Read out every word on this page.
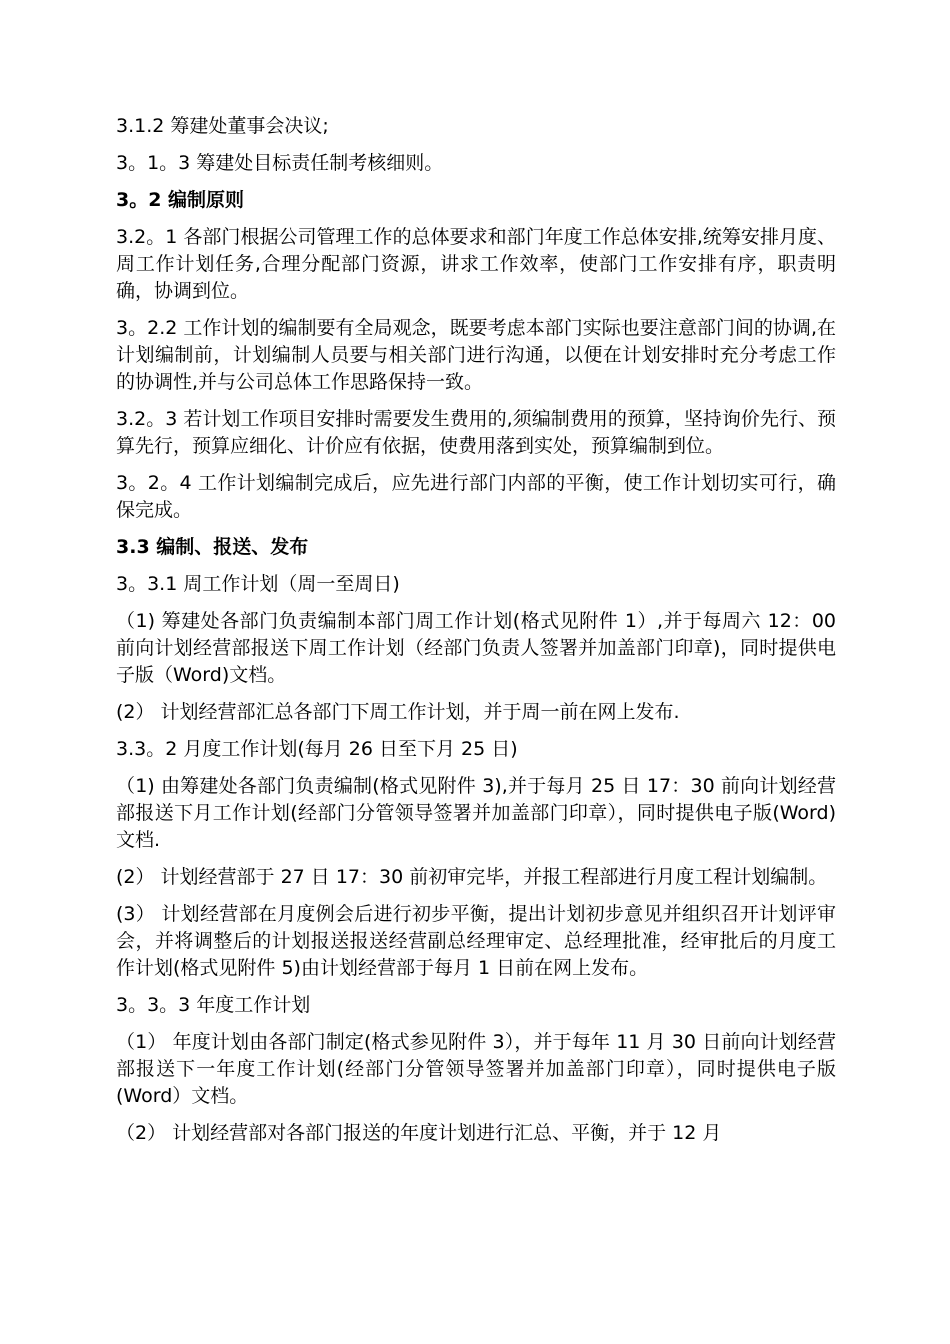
3.1.2 筹建处董事会决议;
3。1。3 筹建处目标责任制考核细则。
3。2 编制原则
3.2。1 各部门根据公司管理工作的总体要求和部门年度工作总体安排,统筹安排月度、周工作计划任务,合理分配部门资源，讲求工作效率，使部门工作安排有序，职责明确，协调到位。
3。2.2 工作计划的编制要有全局观念，既要考虑本部门实际也要注意部门间的协调,在计划编制前，计划编制人员要与相关部门进行沟通，以便在计划安排时充分考虑工作的协调性,并与公司总体工作思路保持一致。
3.2。3 若计划工作项目安排时需要发生费用的,须编制费用的预算，坚持询价先行、预算先行，预算应细化、计价应有依据，使费用落到实处，预算编制到位。
3。2。4 工作计划编制完成后，应先进行部门内部的平衡，使工作计划切实可行，确保完成。
3.3 编制、报送、发布
3。3.1 周工作计划（周一至周日)
（1) 筹建处各部门负责编制本部门周工作计划(格式见附件 1）,并于每周六 12：00 前向计划经营部报送下周工作计划（经部门负责人签署并加盖部门印章)，同时提供电子版（Word)文档。
(2） 计划经营部汇总各部门下周工作计划，并于周一前在网上发布.
3.3。2 月度工作计划(每月 26 日至下月 25 日)
（1) 由筹建处各部门负责编制(格式见附件 3),并于每月 25 日 17：30 前向计划经营部报送下月工作计划(经部门分管领导签署并加盖部门印章），同时提供电子版(Word)文档.
(2） 计划经营部于 27 日 17：30 前初审完毕，并报工程部进行月度工程计划编制。
(3） 计划经营部在月度例会后进行初步平衡，提出计划初步意见并组织召开计划评审会，并将调整后的计划报送报送经营副总经理审定、总经理批准，经审批后的月度工作计划(格式见附件 5)由计划经营部于每月 1 日前在网上发布。
3。3。3 年度工作计划
（1） 年度计划由各部门制定(格式参见附件 3），并于每年 11 月 30 日前向计划经营部报送下一年度工作计划(经部门分管领导签署并加盖部门印章），同时提供电子版(Word）文档。
（2） 计划经营部对各部门报送的年度计划进行汇总、平衡，并于 12 月
